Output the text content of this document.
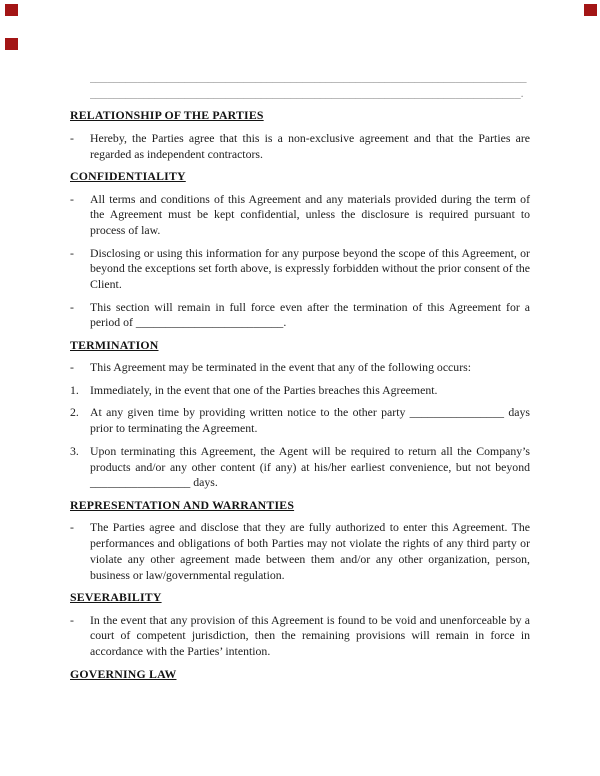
__________________________________________________________________________
_________________________________________________________________________.
RELATIONSHIP OF THE PARTIES
-	Hereby, the Parties agree that this is a non-exclusive agreement and that the Parties are regarded as independent contractors.
CONFIDENTIALITY
-	All terms and conditions of this Agreement and any materials provided during the term of the Agreement must be kept confidential, unless the disclosure is required pursuant to process of law.
-	Disclosing or using this information for any purpose beyond the scope of this Agreement, or beyond the exceptions set forth above, is expressly forbidden without the prior consent of the Client.
-	This section will remain in full force even after the termination of this Agreement for a period of _________________________.
TERMINATION
-	This Agreement may be terminated in the event that any of the following occurs:
1. Immediately, in the event that one of the Parties breaches this Agreement.
2. At any given time by providing written notice to the other party ________________ days prior to terminating the Agreement.
3. Upon terminating this Agreement, the Agent will be required to return all the Company’s products and/or any other content (if any) at his/her earliest convenience, but not beyond _________________ days.
REPRESENTATION AND WARRANTIES
-	The Parties agree and disclose that they are fully authorized to enter this Agreement. The performances and obligations of both Parties may not violate the rights of any third party or violate any other agreement made between them and/or any other organization, person, business or law/governmental regulation.
SEVERABILITY
-	In the event that any provision of this Agreement is found to be void and unenforceable by a court of competent jurisdiction, then the remaining provisions will remain in force in accordance with the Parties’ intention.
GOVERNING LAW
